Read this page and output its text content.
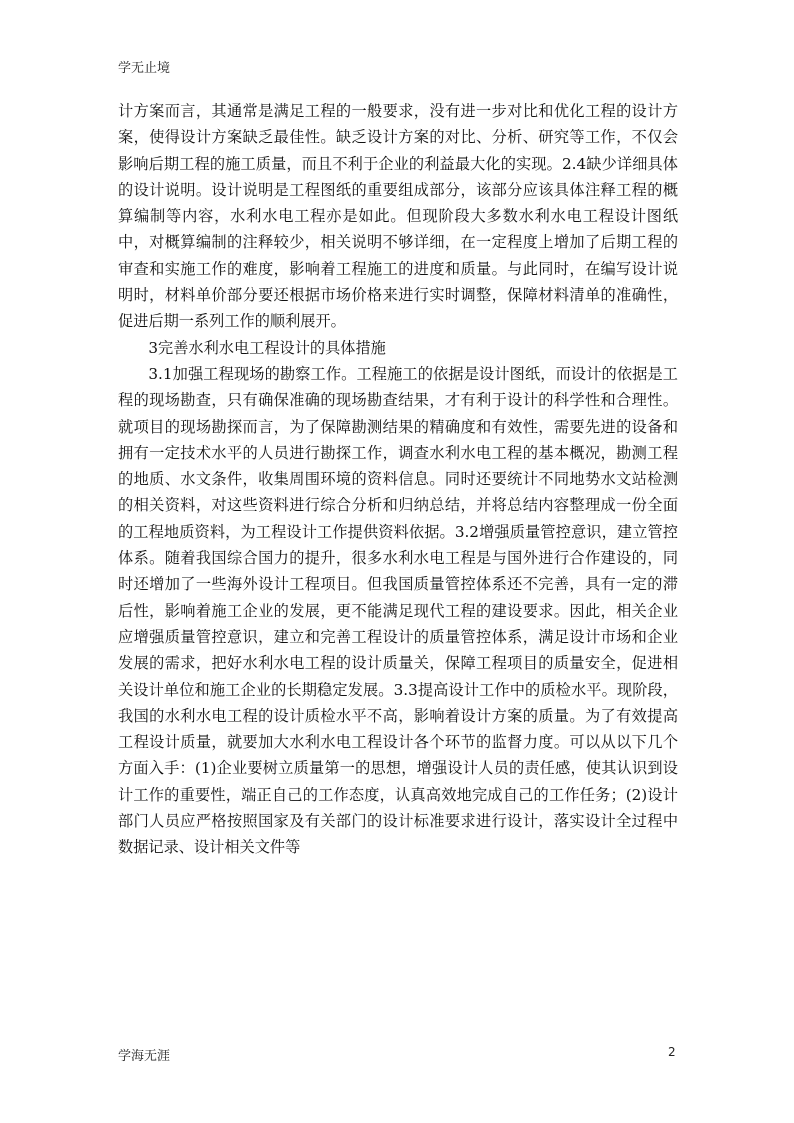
学无止境

计方案而言，其通常是满足工程的一般要求，没有进一步对比和优化工程的设计方案，使得设计方案缺乏最佳性。缺乏设计方案的对比、分析、研究等工作，不仅会影响后期工程的施工质量，而且不利于企业的利益最大化的实现。2.4缺少详细具体的设计说明。设计说明是工程图纸的重要组成部分，该部分应该具体注释工程的概算编制等内容，水利水电工程亦是如此。但现阶段大多数水利水电工程设计图纸中，对概算编制的注释较少，相关说明不够详细，在一定程度上增加了后期工程的审查和实施工作的难度，影响着工程施工的进度和质量。与此同时，在编写设计说明时，材料单价部分要还根据市场价格来进行实时调整，保障材料清单的准确性，促进后期一系列工作的顺利展开。

3完善水利水电工程设计的具体措施

3.1加强工程现场的勘察工作。工程施工的依据是设计图纸，而设计的依据是工程的现场勘查，只有确保准确的现场勘查结果，才有利于设计的科学性和合理性。就项目的现场勘探而言，为了保障勘测结果的精确度和有效性，需要先进的设备和拥有一定技术水平的人员进行勘探工作，调查水利水电工程的基本概况，勘测工程的地质、水文条件，收集周围环境的资料信息。同时还要统计不同地势水文站检测的相关资料，对这些资料进行综合分析和归纳总结，并将总结内容整理成一份全面的工程地质资料，为工程设计工作提供资料依据。3.2增强质量管控意识，建立管控体系。随着我国综合国力的提升，很多水利水电工程是与国外进行合作建设的，同时还增加了一些海外设计工程项目。但我国质量管控体系还不完善，具有一定的滞后性，影响着施工企业的发展，更不能满足现代工程的建设要求。因此，相关企业应增强质量管控意识，建立和完善工程设计的质量管控体系，满足设计市场和企业发展的需求，把好水利水电工程的设计质量关，保障工程项目的质量安全，促进相关设计单位和施工企业的长期稳定发展。3.3提高设计工作中的质检水平。现阶段，我国的水利水电工程的设计质检水平不高，影响着设计方案的质量。为了有效提高工程设计质量，就要加大水利水电工程设计各个环节的监督力度。可以从以下几个方面入手：(1)企业要树立质量第一的思想，增强设计人员的责任感，使其认识到设计工作的重要性，端正自己的工作态度，认真高效地完成自己的工作任务；(2)设计部门人员应严格按照国家及有关部门的设计标准要求进行设计，落实设计全过程中数据记录、设计相关文件等

学海无涯	2
